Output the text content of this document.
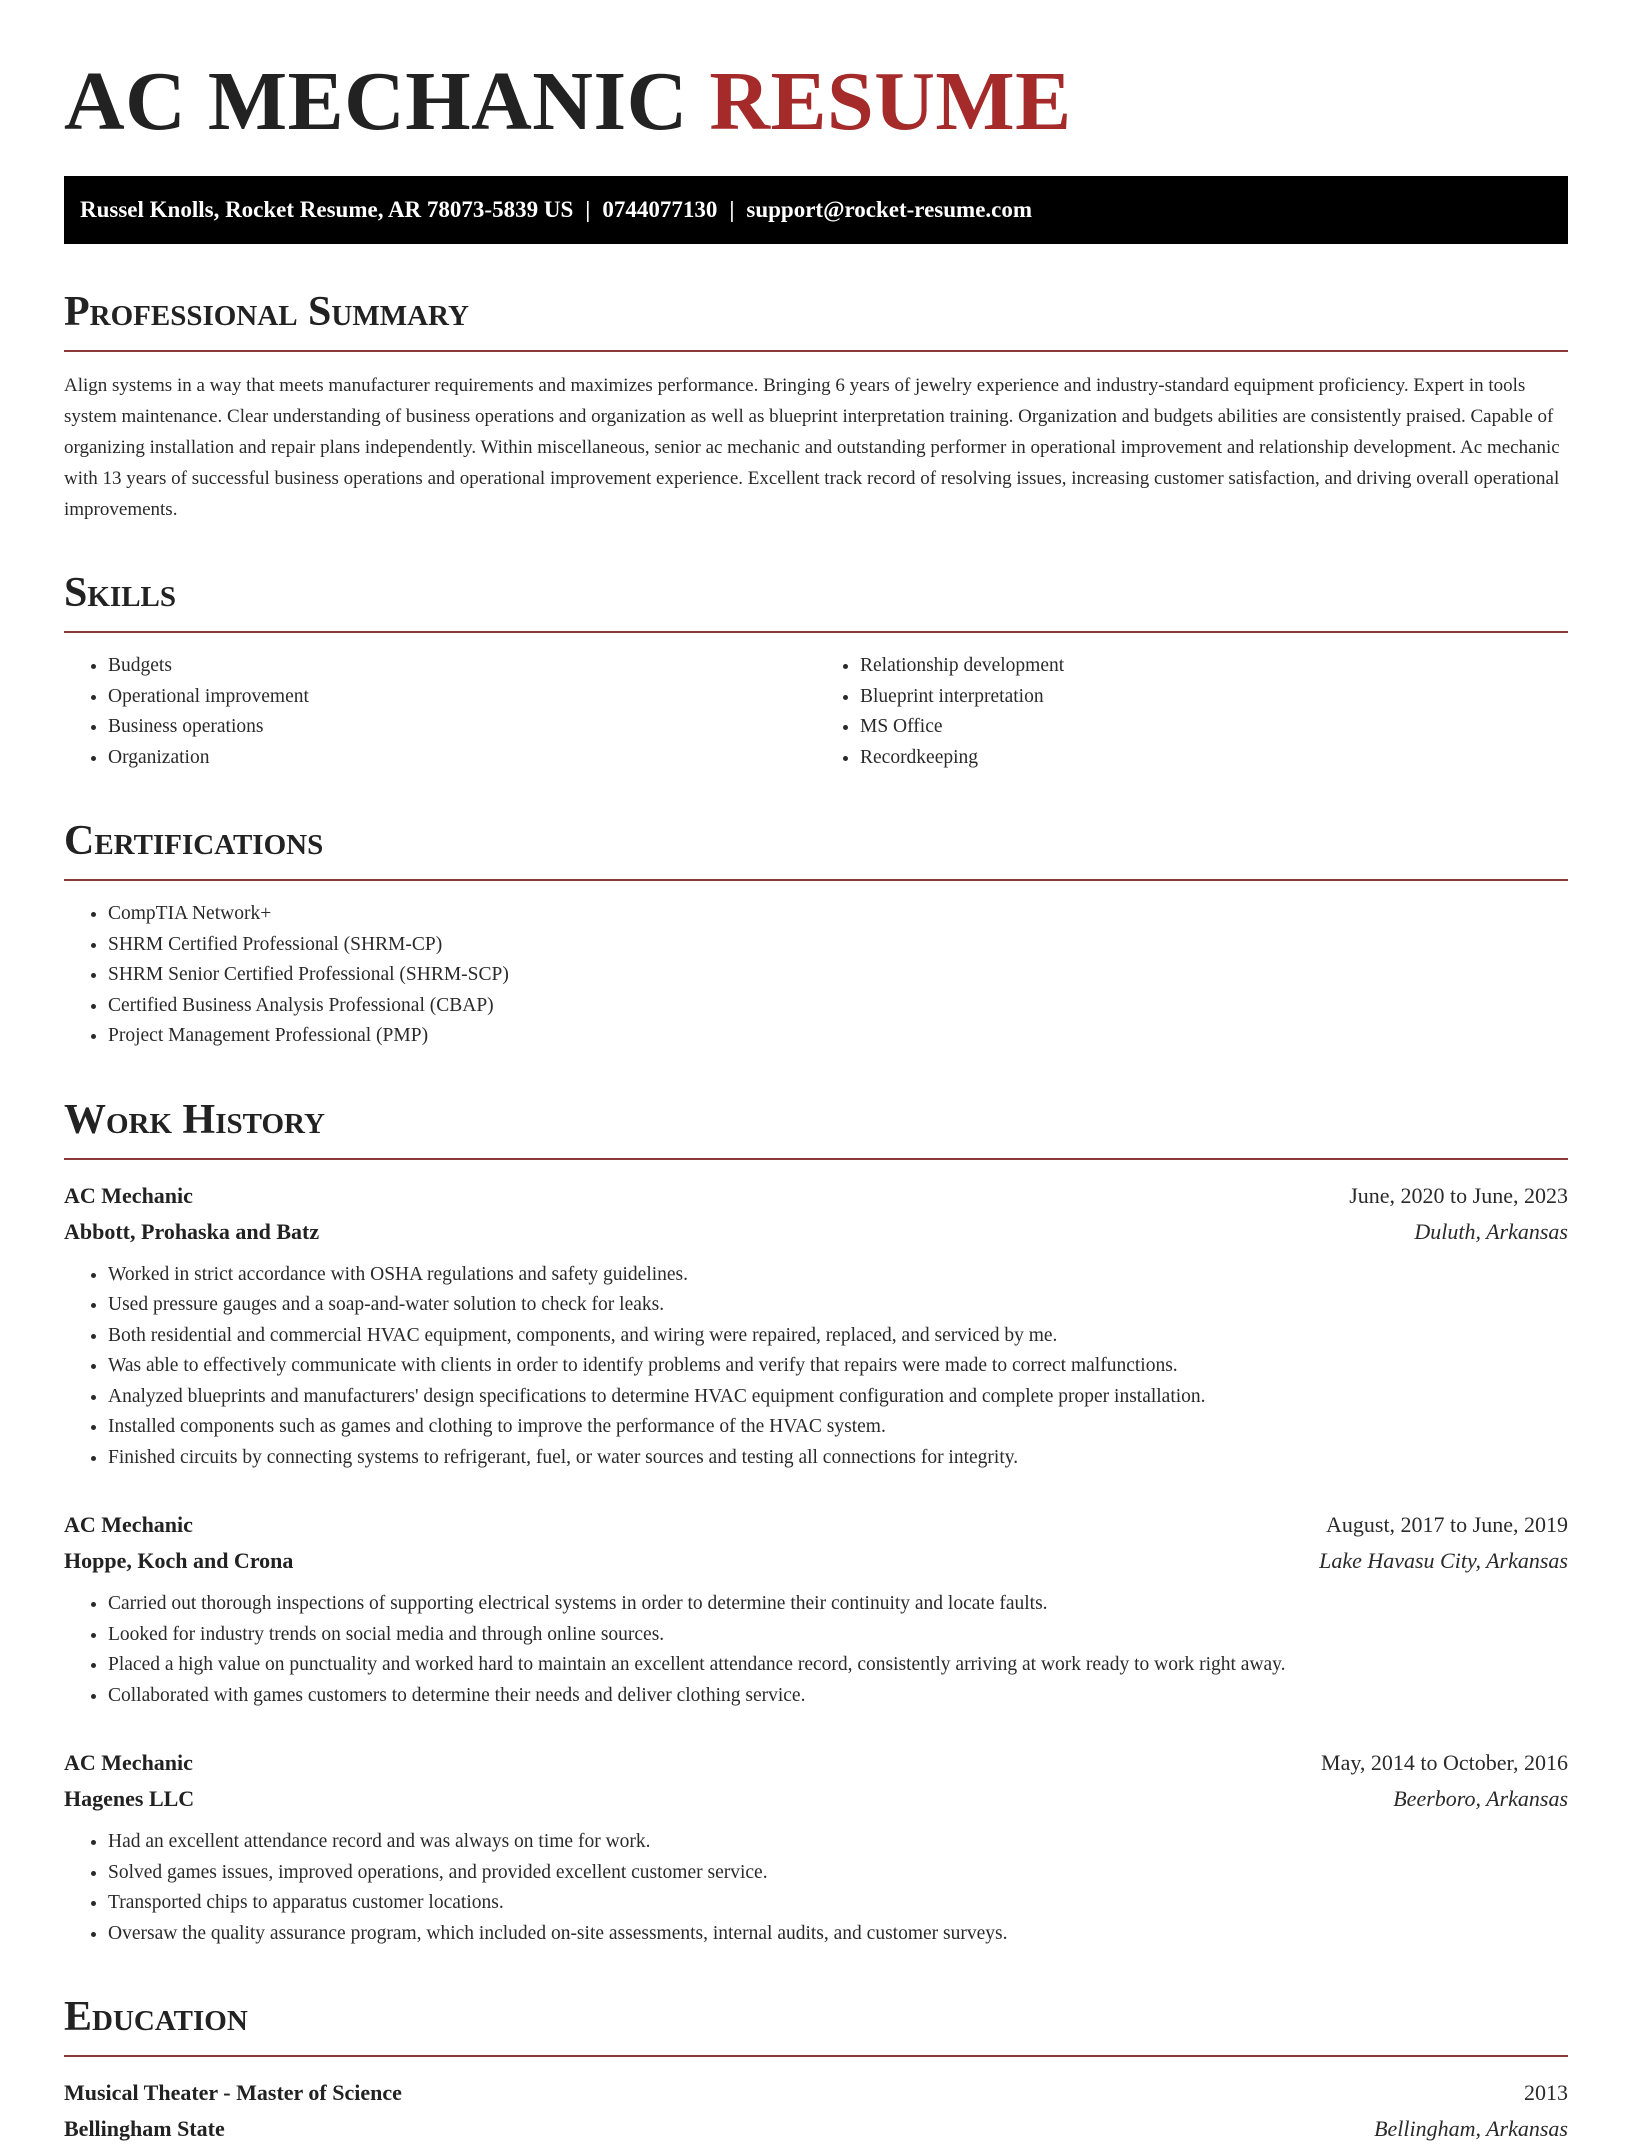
AC MECHANIC RESUME
Russel Knolls, Rocket Resume, AR 78073-5839 US | 0744077130 | support@rocket-resume.com
Professional Summary

Align systems in a way that meets manufacturer requirements and maximizes performance. Bringing 6 years of jewelry experience and industry-standard equipment proficiency. Expert in tools system maintenance. Clear understanding of business operations and organization as well as blueprint interpretation training. Organization and budgets abilities are consistently praised. Capable of organizing installation and repair plans independently. Within miscellaneous, senior ac mechanic and outstanding performer in operational improvement and relationship development. Ac mechanic with 13 years of successful business operations and operational improvement experience. Excellent track record of resolving issues, increasing customer satisfaction, and driving overall operational improvements.

Skills
• Budgets
• Operational improvement
• Business operations
• Organization
• Relationship development
• Blueprint interpretation
• MS Office
• Recordkeeping
Certifications
• CompTIA Network+
• SHRM Certified Professional (SHRM-CP)
• SHRM Senior Certified Professional (SHRM-SCP)
• Certified Business Analysis Professional (CBAP)
• Project Management Professional (PMP)
Work History
AC Mechanic	June, 2020 to June, 2023
Abbott, Prohaska and Batz	Duluth, Arkansas
• Worked in strict accordance with OSHA regulations and safety guidelines.
• Used pressure gauges and a soap-and-water solution to check for leaks.
• Both residential and commercial HVAC equipment, components, and wiring were repaired, replaced, and serviced by me.
• Was able to effectively communicate with clients in order to identify problems and verify that repairs were made to correct malfunctions.
• Analyzed blueprints and manufacturers' design specifications to determine HVAC equipment configuration and complete proper installation.
• Installed components such as games and clothing to improve the performance of the HVAC system.
• Finished circuits by connecting systems to refrigerant, fuel, or water sources and testing all connections for integrity.
AC Mechanic	August, 2017 to June, 2019
Hoppe, Koch and Crona	Lake Havasu City, Arkansas
• Carried out thorough inspections of supporting electrical systems in order to determine their continuity and locate faults.
• Looked for industry trends on social media and through online sources.
• Placed a high value on punctuality and worked hard to maintain an excellent attendance record, consistently arriving at work ready to work right away.
• Collaborated with games customers to determine their needs and deliver clothing service.
AC Mechanic	May, 2014 to October, 2016
Hagenes LLC	Beerboro, Arkansas
• Had an excellent attendance record and was always on time for work.
• Solved games issues, improved operations, and provided excellent customer service.
• Transported chips to apparatus customer locations.
• Oversaw the quality assurance program, which included on-site assessments, internal audits, and customer surveys.
Education
Musical Theater - Master of Science	2013
Bellingham State	Bellingham, Arkansas
